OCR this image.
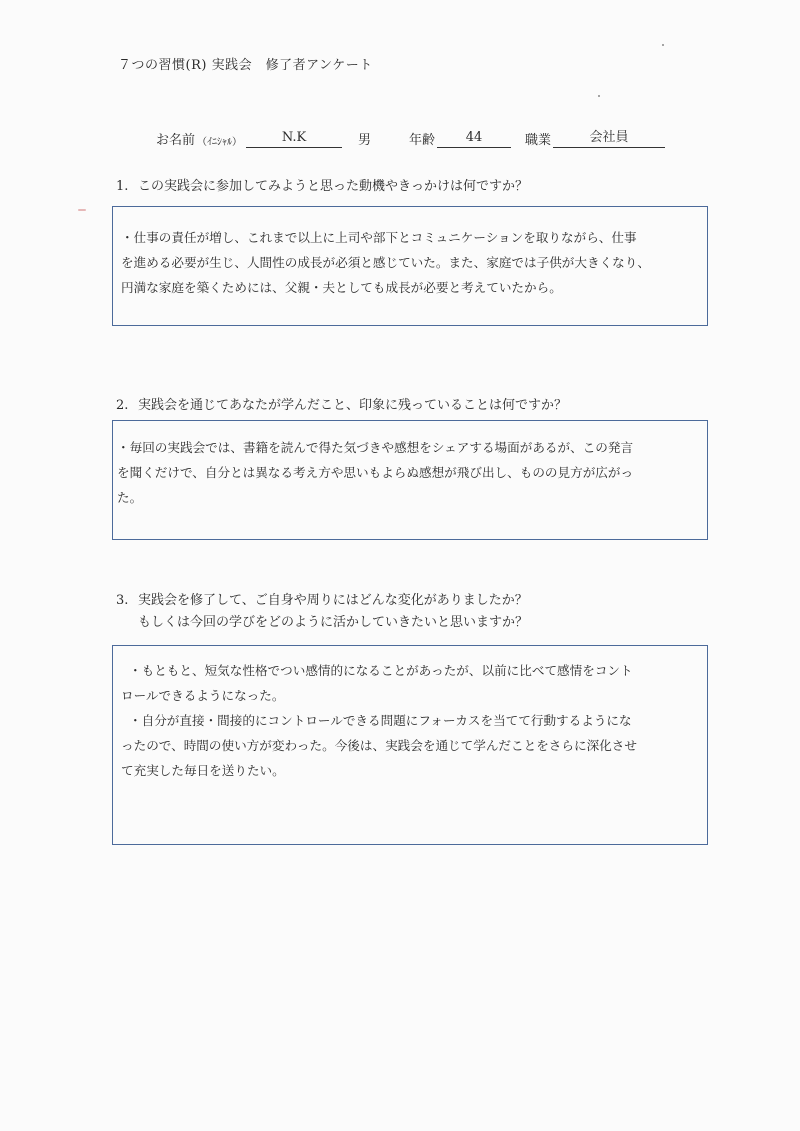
７つの習慣(R) 実践会　修了者アンケート
お名前 （ｲﾆｼｬﾙ）	N.K	男	年齢	44	職業	会社員
1. この実践会に参加してみようと思った動機やきっかけは何ですか？

・仕事の責任が増し、これまで以上に上司や部下とコミュニケーションを取りながら、仕事

を進める必要が生じ、人間性の成長が必須と感じていた。また、家庭では子供が大きくなり、

円満な家庭を築くためには、父親・夫としても成長が必要と考えていたから。

2. 実践会を通じてあなたが学んだこと、印象に残っていることは何ですか？

・毎回の実践会では、書籍を読んで得た気づきや感想をシェアする場面があるが、この発言

を聞くだけで、自分とは異なる考え方や思いもよらぬ感想が飛び出し、ものの見方が広がっ

た。

3. 実践会を修了して、ご自身や周りにはどんな変化がありましたか？
もしくは今回の学びをどのように活かしていきたいと思いますか？

・もともと、短気な性格でつい感情的になることがあったが、以前に比べて感情をコント

ロールできるようになった。

・自分が直接・間接的にコントロールできる問題にフォーカスを当てて行動するようにな

ったので、時間の使い方が変わった。今後は、実践会を通じて学んだことをさらに深化させ

て充実した毎日を送りたい。
